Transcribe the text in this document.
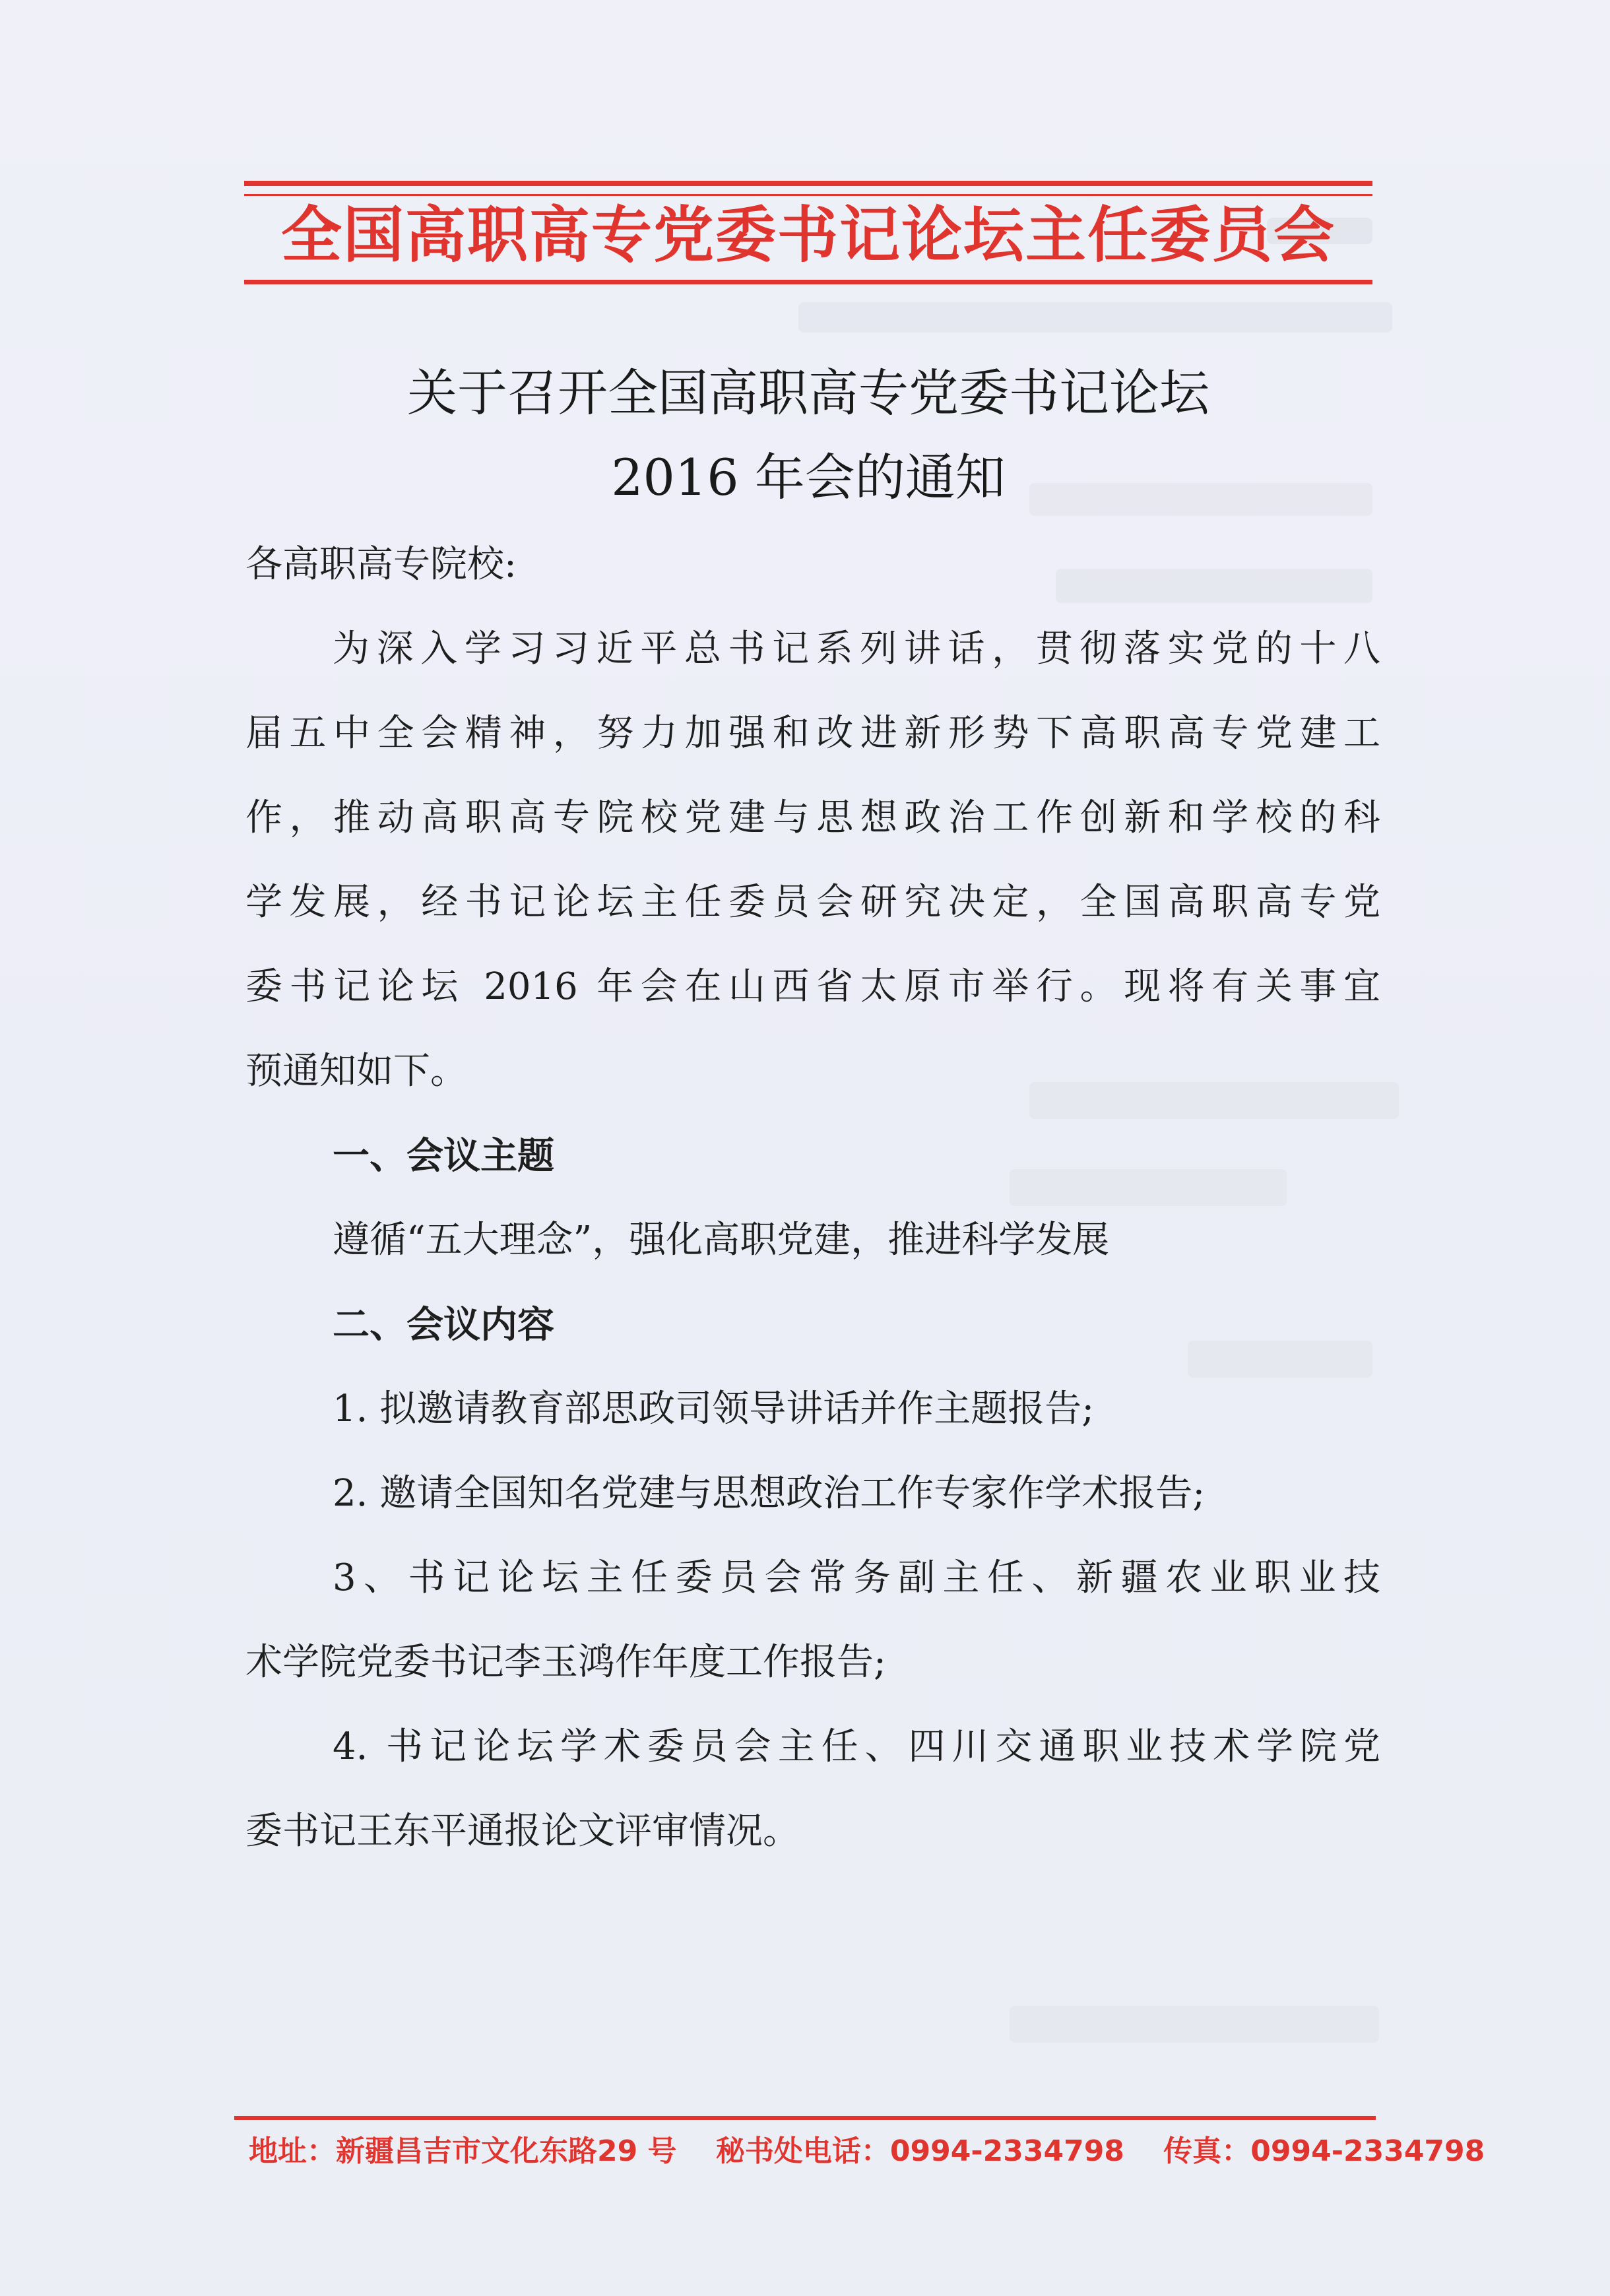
全国高职高专党委书记论坛主任委员会
关于召开全国高职高专党委书记论坛
2016 年会的通知
各高职高专院校:
为深入学习习近平总书记系列讲话，贯彻落实党的十八
届五中全会精神，努力加强和改进新形势下高职高专党建工
作，推动高职高专院校党建与思想政治工作创新和学校的科
学发展，经书记论坛主任委员会研究决定，全国高职高专党
委书记论坛 2016 年会在山西省太原市举行。现将有关事宜
预通知如下。
一、会议主题
遵循“五大理念”，强化高职党建，推进科学发展
二、会议内容
1. 拟邀请教育部思政司领导讲话并作主题报告;
2. 邀请全国知名党建与思想政治工作专家作学术报告;
3、书记论坛主任委员会常务副主任、新疆农业职业技
术学院党委书记李玉鸿作年度工作报告;
4. 书记论坛学术委员会主任、四川交通职业技术学院党
委书记王东平通报论文评审情况。
地址：新疆昌吉市文化东路29 号 秘书处电话：0994-2334798 传真：0994-2334798
